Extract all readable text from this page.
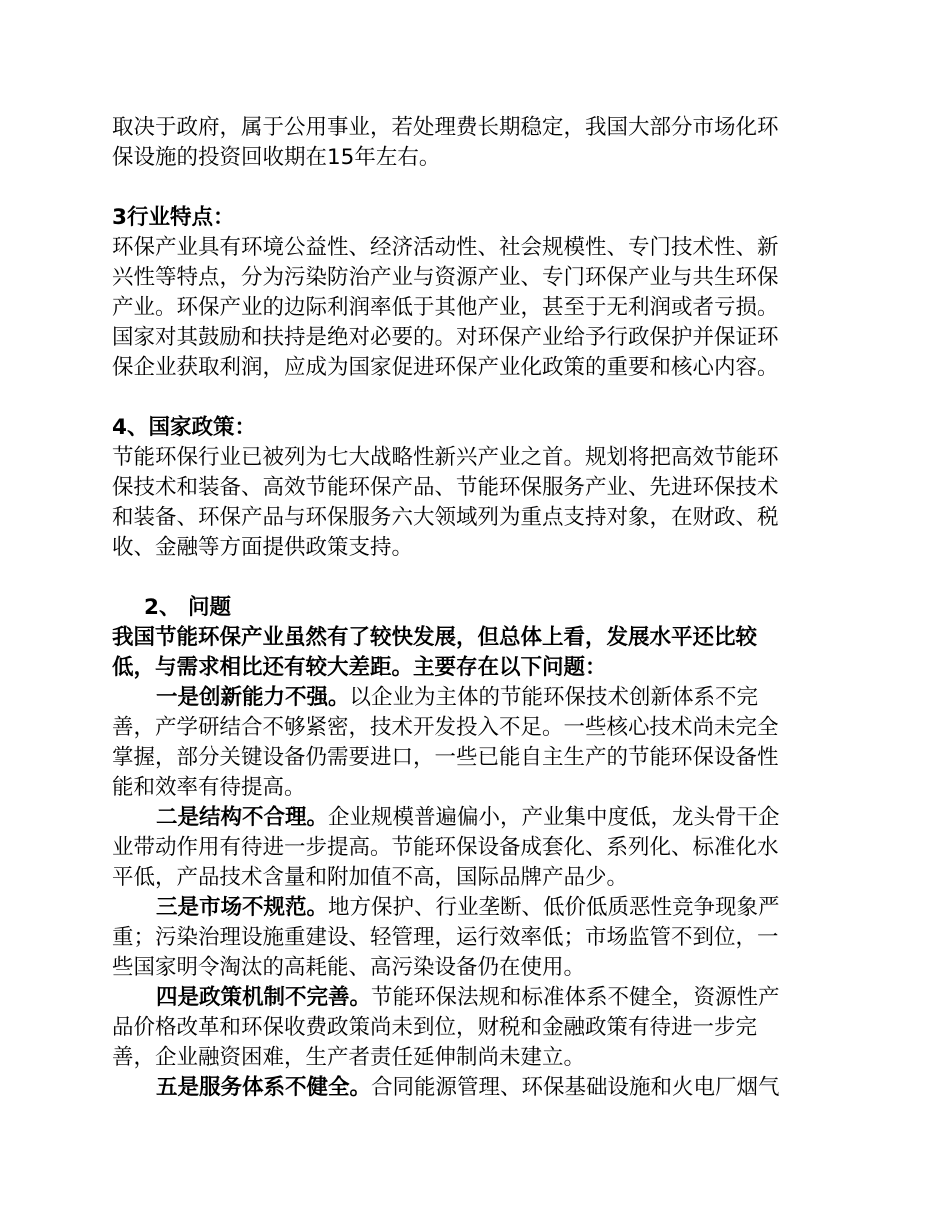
取决于政府，属于公用事业，若处理费长期稳定，我国大部分市场化环
保设施的投资回收期在15年左右。
3行业特点：
环保产业具有环境公益性、经济活动性、社会规模性、专门技术性、新
兴性等特点，分为污染防治产业与资源产业、专门环保产业与共生环保
产业。环保产业的边际利润率低于其他产业，甚至于无利润或者亏损。
国家对其鼓励和扶持是绝对必要的。对环保产业给予行政保护并保证环
保企业获取利润，应成为国家促进环保产业化政策的重要和核心内容。
4、国家政策：
节能环保行业已被列为七大战略性新兴产业之首。规划将把高效节能环
保技术和装备、高效节能环保产品、节能环保服务产业、先进环保技术
和装备、环保产品与环保服务六大领域列为重点支持对象，在财政、税
收、金融等方面提供政策支持。
2、 问题
我国节能环保产业虽然有了较快发展，但总体上看，发展水平还比较
低，与需求相比还有较大差距。主要存在以下问题：
一是创新能力不强。以企业为主体的节能环保技术创新体系不完
善，产学研结合不够紧密，技术开发投入不足。一些核心技术尚未完全
掌握，部分关键设备仍需要进口，一些已能自主生产的节能环保设备性
能和效率有待提高。
二是结构不合理。企业规模普遍偏小，产业集中度低，龙头骨干企
业带动作用有待进一步提高。节能环保设备成套化、系列化、标准化水
平低，产品技术含量和附加值不高，国际品牌产品少。
三是市场不规范。地方保护、行业垄断、低价低质恶性竞争现象严
重；污染治理设施重建设、轻管理，运行效率低；市场监管不到位，一
些国家明令淘汰的高耗能、高污染设备仍在使用。
四是政策机制不完善。节能环保法规和标准体系不健全，资源性产
品价格改革和环保收费政策尚未到位，财税和金融政策有待进一步完
善，企业融资困难，生产者责任延伸制尚未建立。
五是服务体系不健全。合同能源管理、环保基础设施和火电厂烟气
